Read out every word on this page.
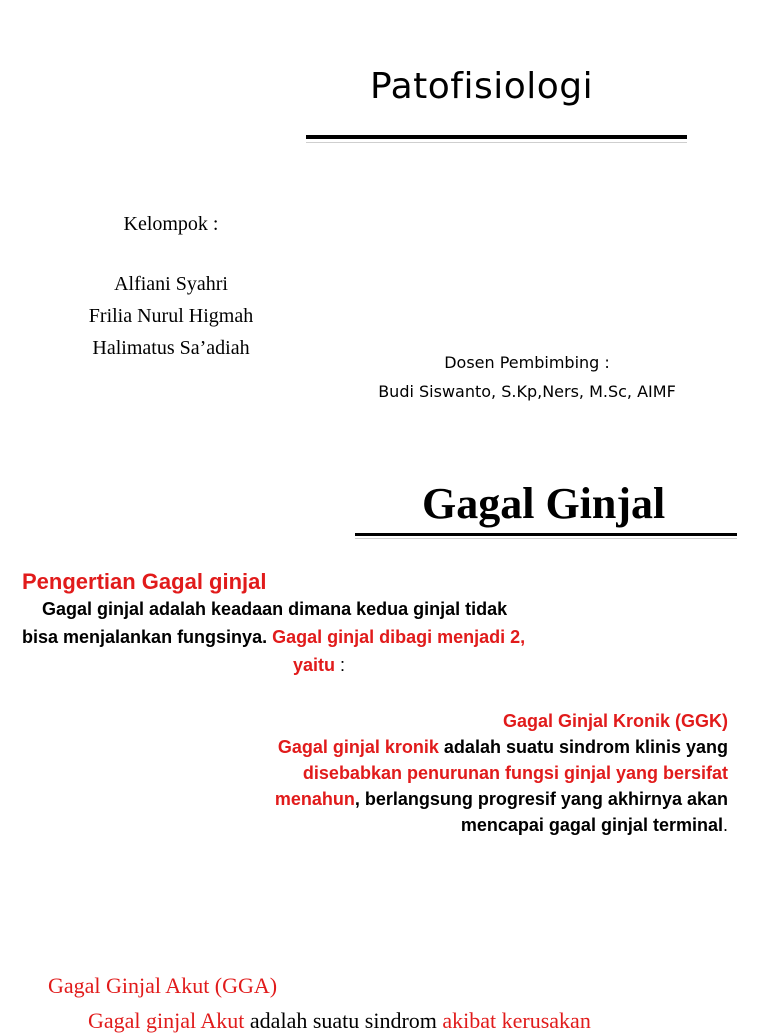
Patofisiologi
Kelompok :
Alfiani Syahri
Frilia Nurul Higmah
Halimatus Sa’adiah
Dosen Pembimbing :
Budi Siswanto, S.Kp,Ners, M.Sc, AIMF
Gagal Ginjal
Pengertian Gagal ginjal
Gagal ginjal adalah keadaan dimana kedua ginjal tidak
bisa menjalankan fungsinya. Gagal ginjal dibagi menjadi 2,
yaitu :
Gagal Ginjal Kronik (GGK)
Gagal ginjal kronik adalah suatu sindrom klinis yang
disebabkan penurunan fungsi ginjal yang bersifat
menahun, berlangsung progresif yang akhirnya akan
mencapai gagal ginjal terminal.
Gagal Ginjal Akut (GGA)
Gagal ginjal Akut adalah suatu sindrom akibat kerusakan
